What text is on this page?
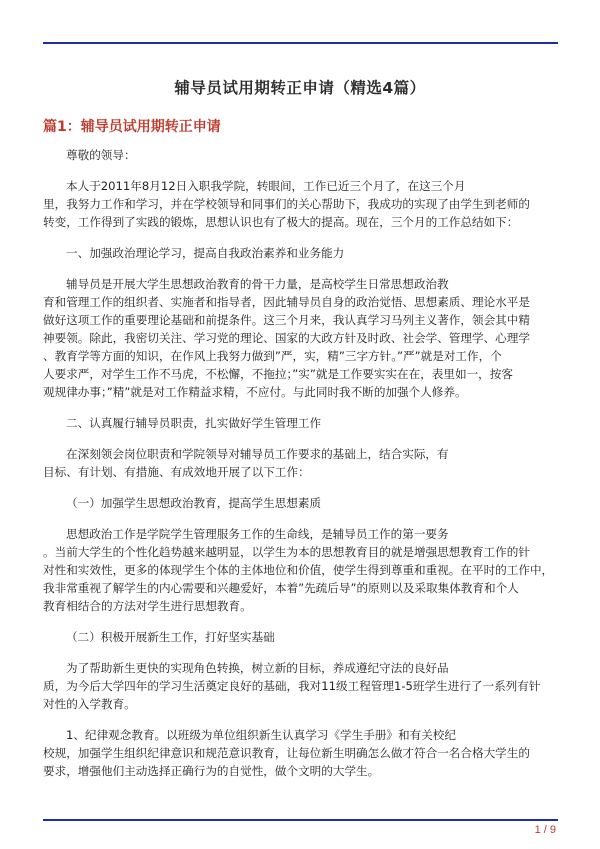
辅导员试用期转正申请（精选4篇）
篇1：辅导员试用期转正申请

尊敬的领导：

本人于2011年8月12日入职我学院，转眼间，工作已近三个月了，在这三个月
里，我努力工作和学习，并在学校领导和同事们的关心帮助下，我成功的实现了由学生到老师的
转变，工作得到了实践的锻炼，思想认识也有了极大的提高。现在，三个月的工作总结如下：

一、加强政治理论学习，提高自我政治素养和业务能力

辅导员是开展大学生思想政治教育的骨干力量，是高校学生日常思想政治教
育和管理工作的组织者、实施者和指导者，因此辅导员自身的政治觉悟、思想素质、理论水平是
做好这项工作的重要理论基础和前提条件。这三个月来，我认真学习马列主义著作，领会其中精
神要领。除此，我密切关注、学习党的理论、国家的大政方针及时政、社会学、管理学、心理学
、教育学等方面的知识，在作风上我努力做到”严，实，精”三字方针。”严”就是对工作，个
人要求严，对学生工作不马虎，不松懈，不拖拉；”实”就是工作要实实在在，表里如一，按客
观规律办事；”精”就是对工作精益求精，不应付。与此同时我不断的加强个人修养。

二、认真履行辅导员职责，扎实做好学生管理工作

在深刻领会岗位职责和学院领导对辅导员工作要求的基础上，结合实际，有
目标、有计划、有措施、有成效地开展了以下工作：

（一）加强学生思想政治教育，提高学生思想素质

思想政治工作是学院学生管理服务工作的生命线，是辅导员工作的第一要务
。当前大学生的个性化趋势越来越明显，以学生为本的思想教育目的就是增强思想教育工作的针
对性和实效性，更多的体现学生个体的主体地位和价值，使学生得到尊重和重视。在平时的工作中，
我非常重视了解学生的内心需要和兴趣爱好，本着”先疏后导”的原则以及采取集体教育和个人
教育相结合的方法对学生进行思想教育。

（二）积极开展新生工作，打好坚实基础

为了帮助新生更快的实现角色转换，树立新的目标，养成遵纪守法的良好品
质，为今后大学四年的学习生活奠定良好的基础，我对11级工程管理1-5班学生进行了一系列有针
对性的入学教育。

1、纪律观念教育。以班级为单位组织新生认真学习《学生手册》和有关校纪
校规，加强学生组织纪律意识和规范意识教育，让每位新生明确怎么做才符合一名合格大学生的
要求，增强他们主动选择正确行为的自觉性，做个文明的大学生。

1 / 9
